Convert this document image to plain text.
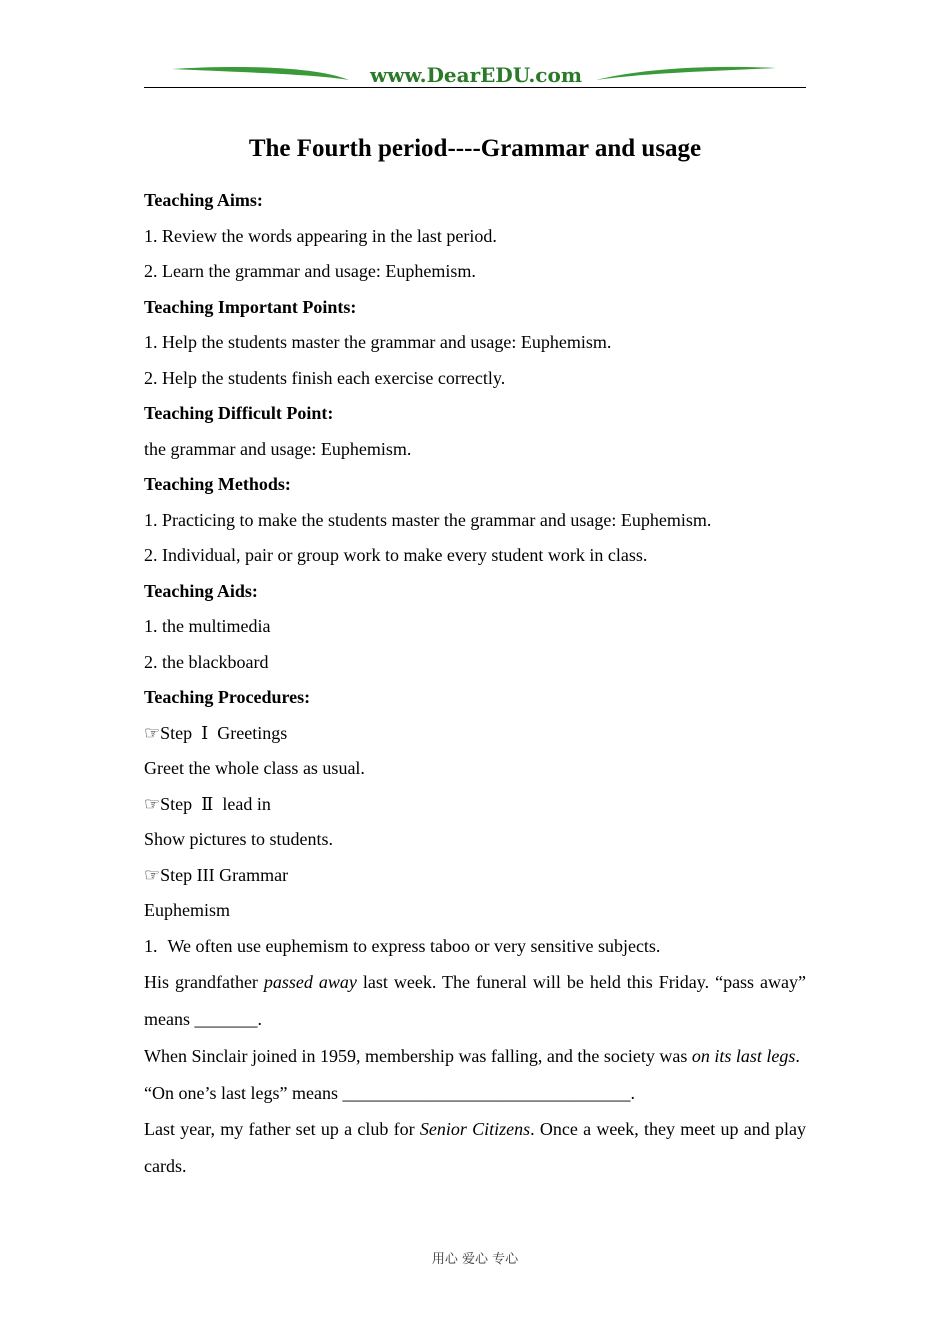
www.DearEDU.com
The Fourth period----Grammar and usage
Teaching Aims:
1. Review the words appearing in the last period.
2. Learn the grammar and usage: Euphemism.
Teaching Important Points:
1. Help the students master the grammar and usage: Euphemism.
2. Help the students finish each exercise correctly.
Teaching Difficult Point:
the grammar and usage: Euphemism.
Teaching Methods:
1. Practicing to make the students master the grammar and usage: Euphemism.
2. Individual, pair or group work to make every student work in class.
Teaching Aids:
1. the multimedia
2. the blackboard
Teaching Procedures:
☞Step  Ⅰ  Greetings
Greet the whole class as usual.
☞Step  Ⅱ  lead in
Show pictures to students.
☞Step III Grammar
Euphemism
1. We often use euphemism to express taboo or very sensitive subjects.
His grandfather passed away last week. The funeral will be held this Friday. “pass away” means _______.
When Sinclair joined in 1959, membership was falling, and the society was on its last legs.
“On one’s last legs” means ________________________________.
Last year, my father set up a club for Senior Citizens. Once a week, they meet up and play cards.
用心 爱心 专心
